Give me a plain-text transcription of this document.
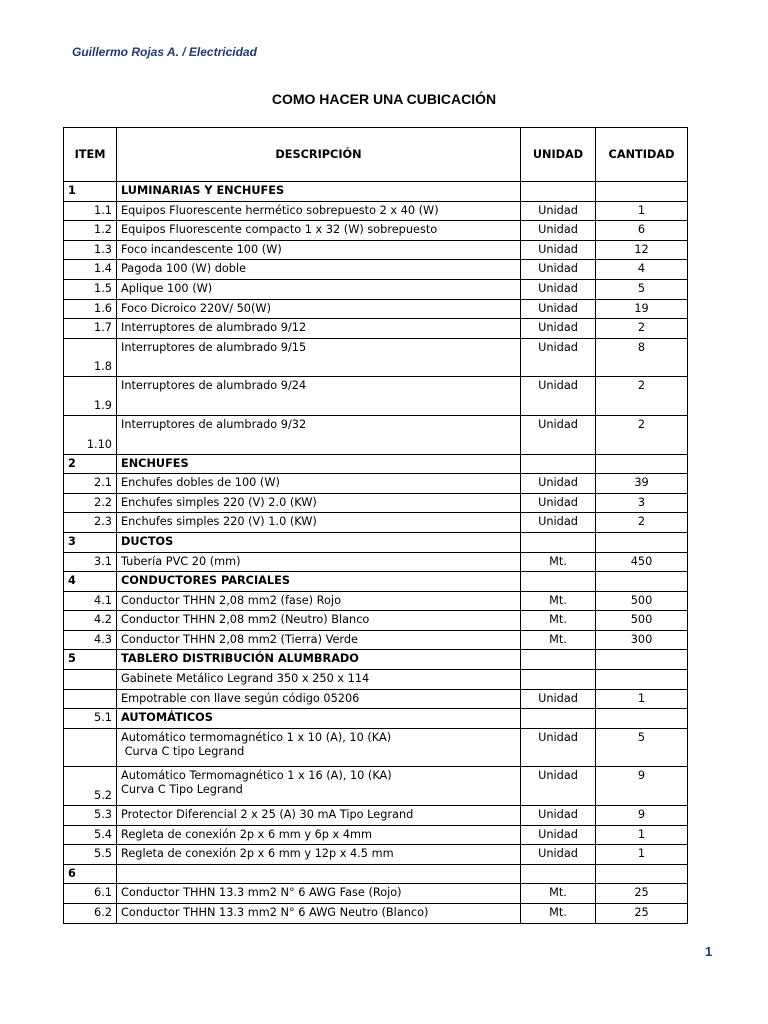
Guillermo Rojas A. / Electricidad

COMO HACER UNA CUBICACIÓN
ITEM	DESCRIPCIÓN	UNIDAD	CANTIDAD
1	LUMINARIAS Y ENCHUFES		

1.1	Equipos Fluorescente hermético sobrepuesto 2 x 40 (W)	Unidad	1
1.2	Equipos Fluorescente compacto 1 x 32 (W) sobrepuesto	Unidad	6
1.3	Foco incandescente 100 (W)	Unidad	12
1.4	Pagoda 100 (W) doble	Unidad	4
1.5	Aplique 100 (W)	Unidad	5
1.6	Foco Dicroico 220V/ 50(W)	Unidad	19
1.7	Interruptores de alumbrado 9/12	Unidad	2
1.8	Interruptores de alumbrado 9/15	Unidad	8
1.9	Interruptores de alumbrado 9/24	Unidad	2
1.10	Interruptores de alumbrado 9/32	Unidad	2
2	ENCHUFES		

2.1	Enchufes dobles de 100 (W)	Unidad	39
2.2	Enchufes simples 220 (V) 2.0 (KW)	Unidad	3
2.3	Enchufes simples 220 (V) 1.0 (KW)	Unidad	2
3	DUCTOS		

3.1	Tubería PVC 20 (mm)	Mt.	450
4	CONDUCTORES PARCIALES		

4.1	Conductor THHN 2,08 mm2 (fase) Rojo	Mt.	500
4.2	Conductor THHN 2,08 mm2 (Neutro) Blanco	Mt.	500
4.3	Conductor THHN 2,08 mm2 (Tierra) Verde	Mt.	300
5	TABLERO DISTRIBUCIÓN ALUMBRADO		

	Gabinete Metálico Legrand 350 x 250 x 114		

	Empotrable con llave según código 05206	Unidad	1
5.1	AUTOMÁTICOS		

	Automático termomagnético 1 x 10 (A), 10 (KA)
Curva C tipo Legrand	Unidad	5
5.2	Automático Termomagnético 1 x 16 (A), 10 (KA)
Curva C Tipo Legrand	Unidad	9
5.3	Protector Diferencial 2 x 25 (A) 30 mA Tipo Legrand	Unidad	9
5.4	Regleta de conexión 2p x 6 mm y 6p x 4mm	Unidad	1
5.5	Regleta de conexión 2p x 6 mm y 12p x 4.5 mm	Unidad	1
6	

6.1	Conductor THHN 13.3 mm2 N° 6 AWG Fase (Rojo)	Mt.	25
6.2	Conductor THHN 13.3 mm2 N° 6 AWG Neutro (Blanco)	Mt.	25

1
